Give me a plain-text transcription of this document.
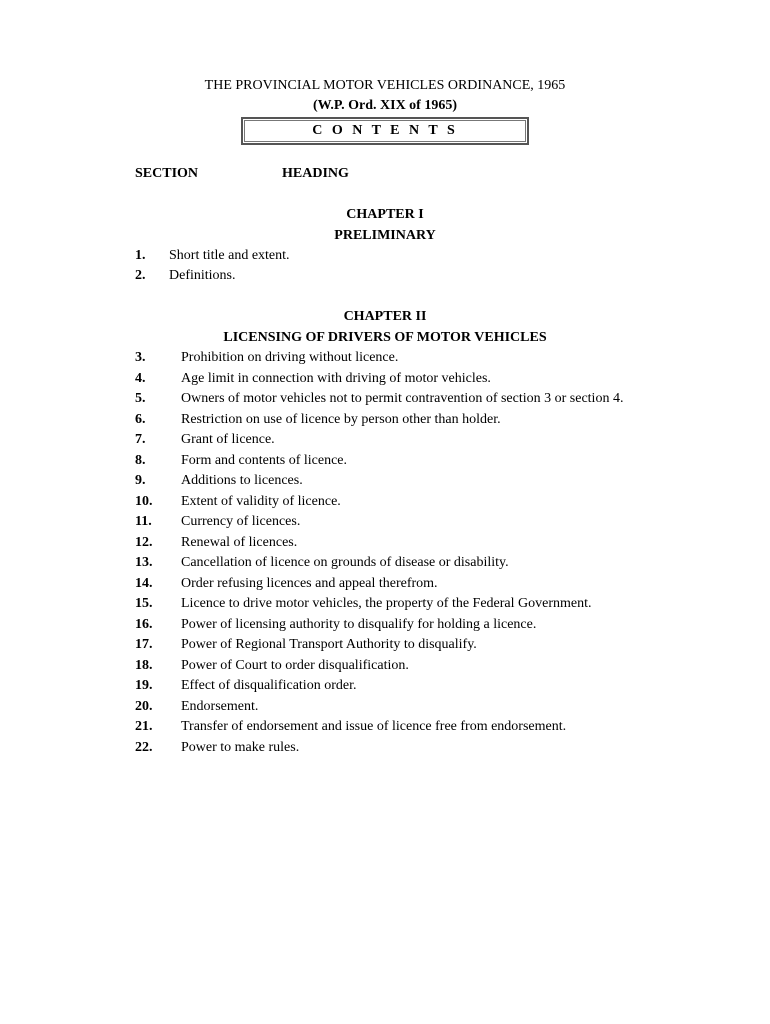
THE PROVINCIAL MOTOR VEHICLES ORDINANCE, 1965
(W.P. Ord. XIX of 1965)
C O N T E N T S
SECTION	HEADING
CHAPTER I
PRELIMINARY
1. Short title and extent.
2. Definitions.
CHAPTER II
LICENSING OF DRIVERS OF MOTOR VEHICLES
3.	Prohibition on driving without licence.
4.	Age limit in connection with driving of motor vehicles.
5.	Owners of motor vehicles not to permit contravention of section 3 or section 4.
6.	Restriction on use of licence by person other than holder.
7.	Grant of licence.
8.	Form and contents of licence.
9.	Additions to licences.
10. Extent of validity of licence.
11. Currency of licences.
12. Renewal of licences.
13. Cancellation of licence on grounds of disease or disability.
14. Order refusing licences and appeal therefrom.
15. Licence to drive motor vehicles, the property of the Federal Government.
16. Power of licensing authority to disqualify for holding a licence.
17. Power of Regional Transport Authority to disqualify.
18. Power of Court to order disqualification.
19. Effect of disqualification order.
20. Endorsement.
21. Transfer of endorsement and issue of licence free from endorsement.
22. Power to make rules.
